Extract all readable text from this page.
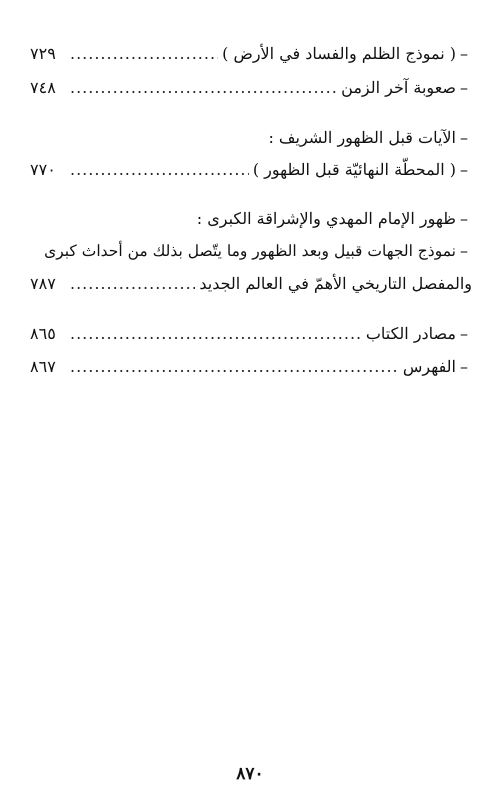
–
( نموذج الظلم والفساد في الأرض )
.....
٧٢٩
–
صعوبة آخر الزمن
.....
٧٤٨
–
الآيات قبل الظهور الشريف :
–
( المحطّة النهائيّة قبل الظهور )
.....
٧٧٠
–
ظهور الإمام المهدي والإشراقة الكبرى :
–
نموذج الجهات قبيل وبعد الظهور وما يتّصل بذلك من أحداث كبرى
والمفصل التاريخي الأهمّ في العالم الجديد
.....
٧٨٧
–
مصادر الكتاب
.....
٨٦٥
–
الفهرس
.....
٨٦٧
٨٧٠
